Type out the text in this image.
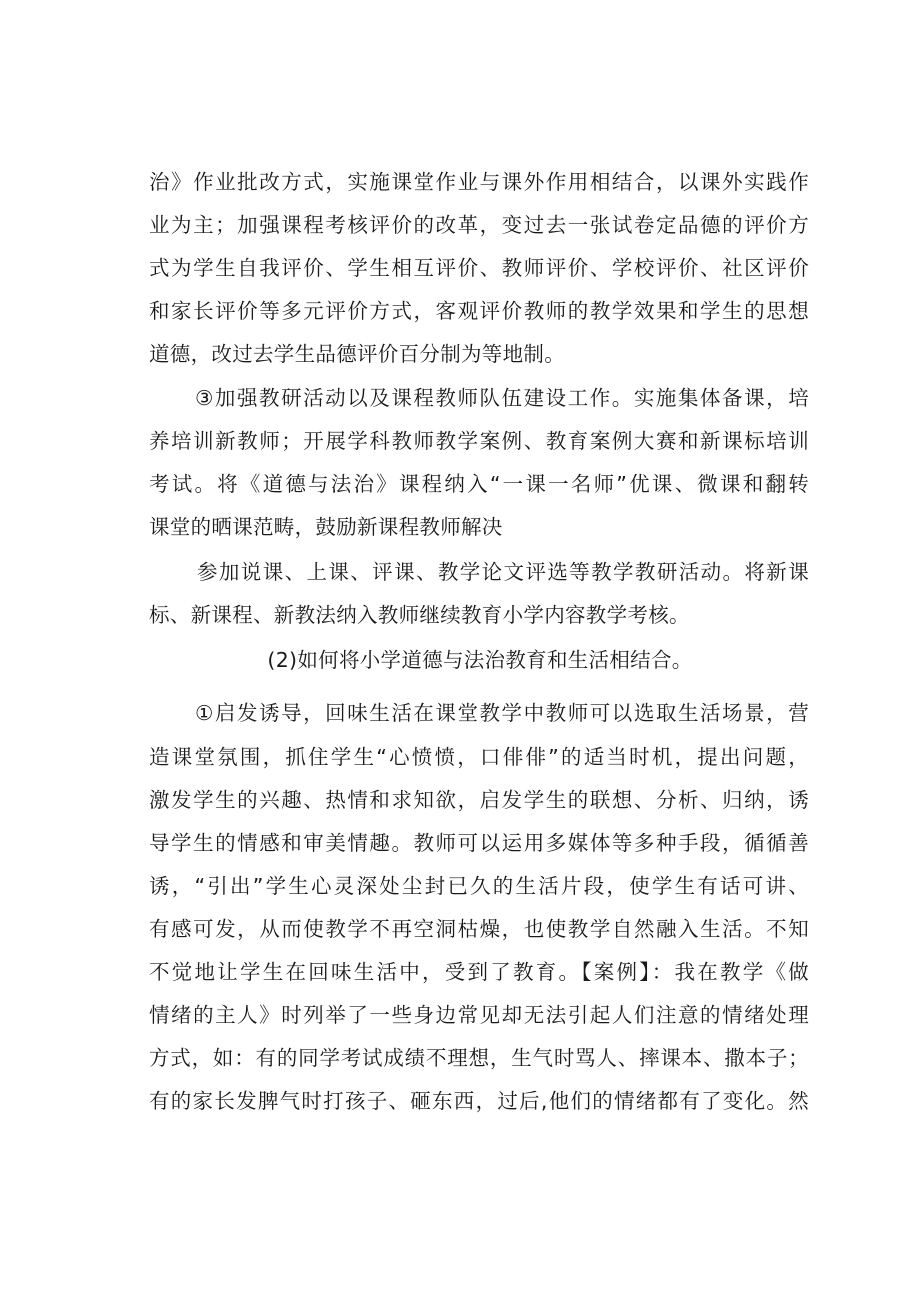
治》作业批改方式，实施课堂作业与课外作用相结合，以课外实践作
业为主；加强课程考核评价的改革，变过去一张试卷定品德的评价方
式为学生自我评价、学生相互评价、教师评价、学校评价、社区评价
和家长评价等多元评价方式，客观评价教师的教学效果和学生的思想
道德，改过去学生品德评价百分制为等地制。
③加强教研活动以及课程教师队伍建设工作。实施集体备课，培
养培训新教师；开展学科教师教学案例、教育案例大赛和新课标培训
考试。将《道德与法治》课程纳入“一课一名师”优课、微课和翻转
课堂的晒课范畴，鼓励新课程教师解决
参加说课、上课、评课、教学论文评选等教学教研活动。将新课
标、新课程、新教法纳入教师继续教育小学内容教学考核。
(2)如何将小学道德与法治教育和生活相结合。
①启发诱导，回味生活在课堂教学中教师可以选取生活场景，营
造课堂氛围，抓住学生“心愤愤，口俳俳”的适当时机，提出问题，
激发学生的兴趣、热情和求知欲，启发学生的联想、分析、归纳，诱
导学生的情感和审美情趣。教师可以运用多媒体等多种手段，循循善
诱，“引出”学生心灵深处尘封已久的生活片段，使学生有话可讲、
有感可发，从而使教学不再空洞枯燥，也使教学自然融入生活。不知
不觉地让学生在回味生活中，受到了教育。【案例】：我在教学《做
情绪的主人》时列举了一些身边常见却无法引起人们注意的情绪处理
方式，如：有的同学考试成绩不理想，生气时骂人、摔课本、撒本子；
有的家长发脾气时打孩子、砸东西，过后,他们的情绪都有了变化。然
